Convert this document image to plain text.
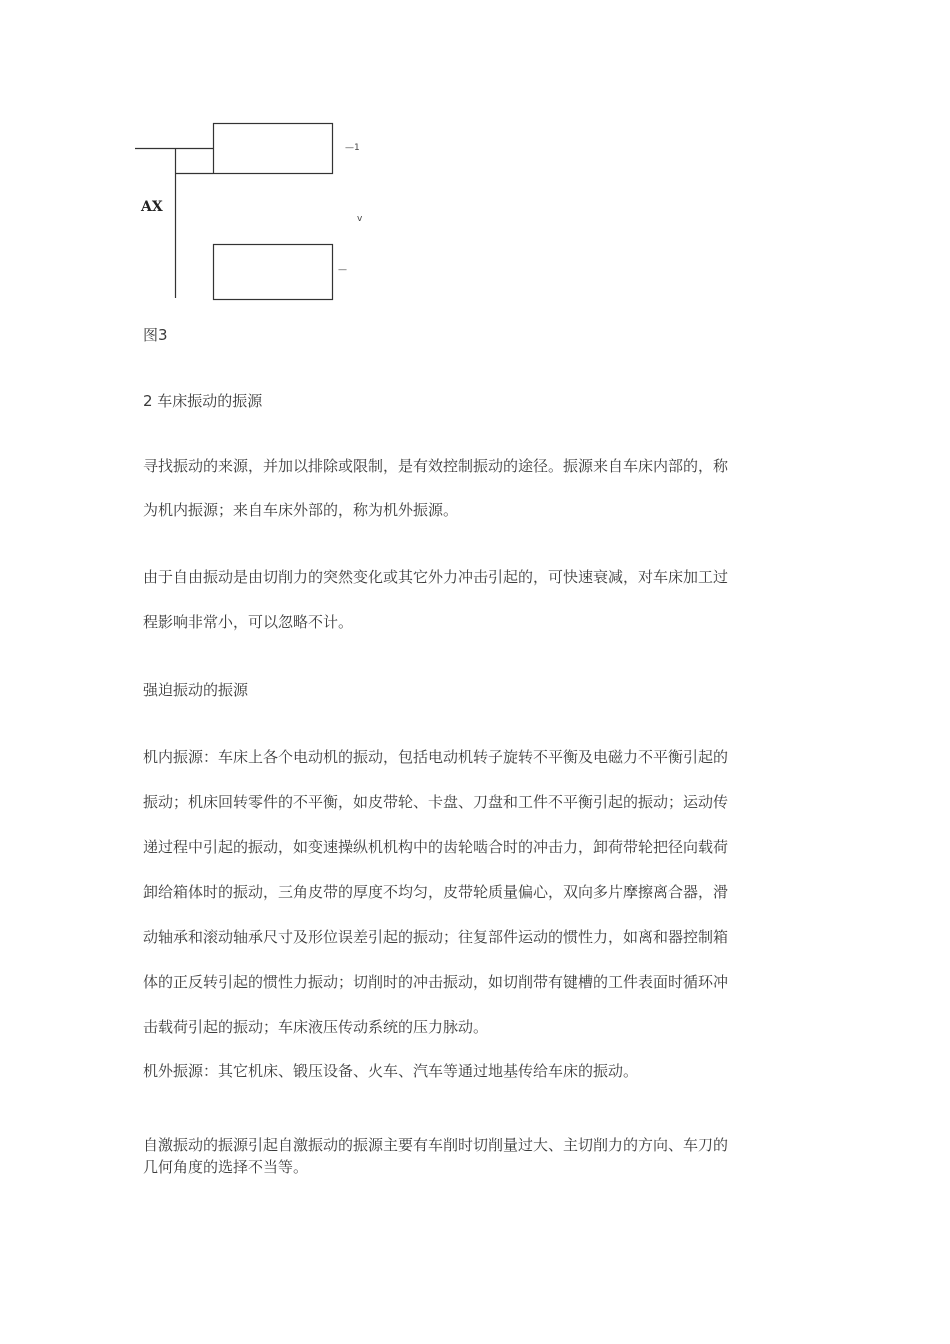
AX
—1
v
—

图3

2 车床振动的振源

寻找振动的来源，并加以排除或限制，是有效控制振动的途径。振源来自车床内部的，称

为机内振源；来自车床外部的，称为机外振源。

由于自由振动是由切削力的突然变化或其它外力冲击引起的，可快速衰减，对车床加工过

程影响非常小，可以忽略不计。

强迫振动的振源

机内振源：车床上各个电动机的振动，包括电动机转子旋转不平衡及电磁力不平衡引起的

振动；机床回转零件的不平衡，如皮带轮、卡盘、刀盘和工件不平衡引起的振动；运动传

递过程中引起的振动，如变速操纵机机构中的齿轮啮合时的冲击力，卸荷带轮把径向载荷

卸给箱体时的振动，三角皮带的厚度不均匀，皮带轮质量偏心，双向多片摩擦离合器，滑

动轴承和滚动轴承尺寸及形位误差引起的振动；往复部件运动的惯性力，如离和器控制箱

体的正反转引起的惯性力振动；切削时的冲击振动，如切削带有键槽的工件表面时循环冲

击载荷引起的振动；车床液压传动系统的压力脉动。

机外振源：其它机床、锻压设备、火车、汽车等通过地基传给车床的振动。

自激振动的振源引起自激振动的振源主要有车削时切削量过大、主切削力的方向、车刀的

几何角度的选择不当等。
